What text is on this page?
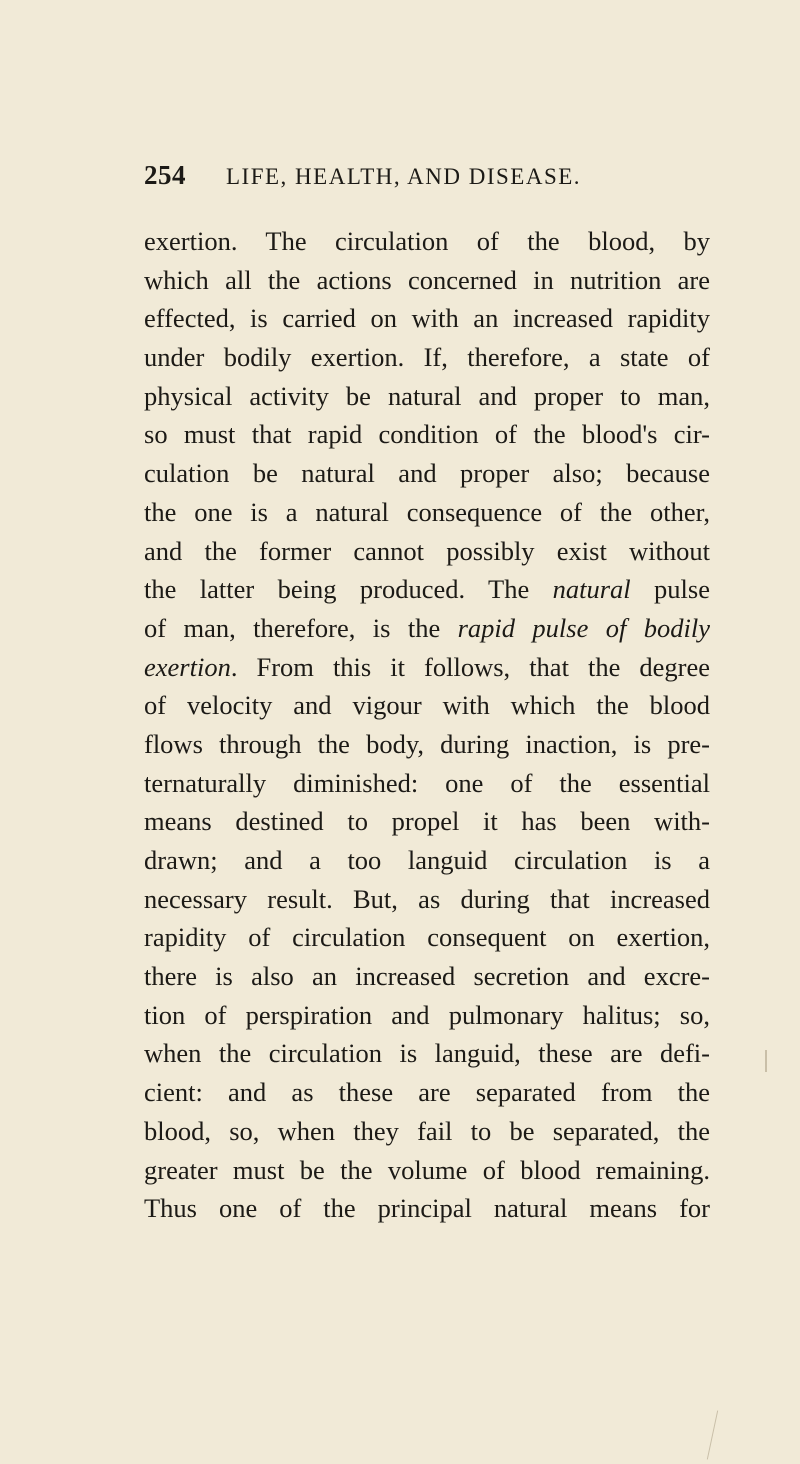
254 LIFE, HEALTH, AND DISEASE.
exertion. The circulation of the blood, by
which all the actions concerned in nutrition are
effected, is carried on with an increased rapidity
under bodily exertion. If, therefore, a state of
physical activity be natural and proper to man,
so must that rapid condition of the blood's cir-
culation be natural and proper also; because
the one is a natural consequence of the other,
and the former cannot possibly exist without
the latter being produced. The natural pulse
of man, therefore, is the rapid pulse of bodily
exertion. From this it follows, that the degree
of velocity and vigour with which the blood
flows through the body, during inaction, is pre-
ternaturally diminished: one of the essential
means destined to propel it has been with-
drawn; and a too languid circulation is a
necessary result. But, as during that increased
rapidity of circulation consequent on exertion,
there is also an increased secretion and excre-
tion of perspiration and pulmonary halitus; so,
when the circulation is languid, these are defi-
cient: and as these are separated from the
blood, so, when they fail to be separated, the
greater must be the volume of blood remaining.
Thus one of the principal natural means for
